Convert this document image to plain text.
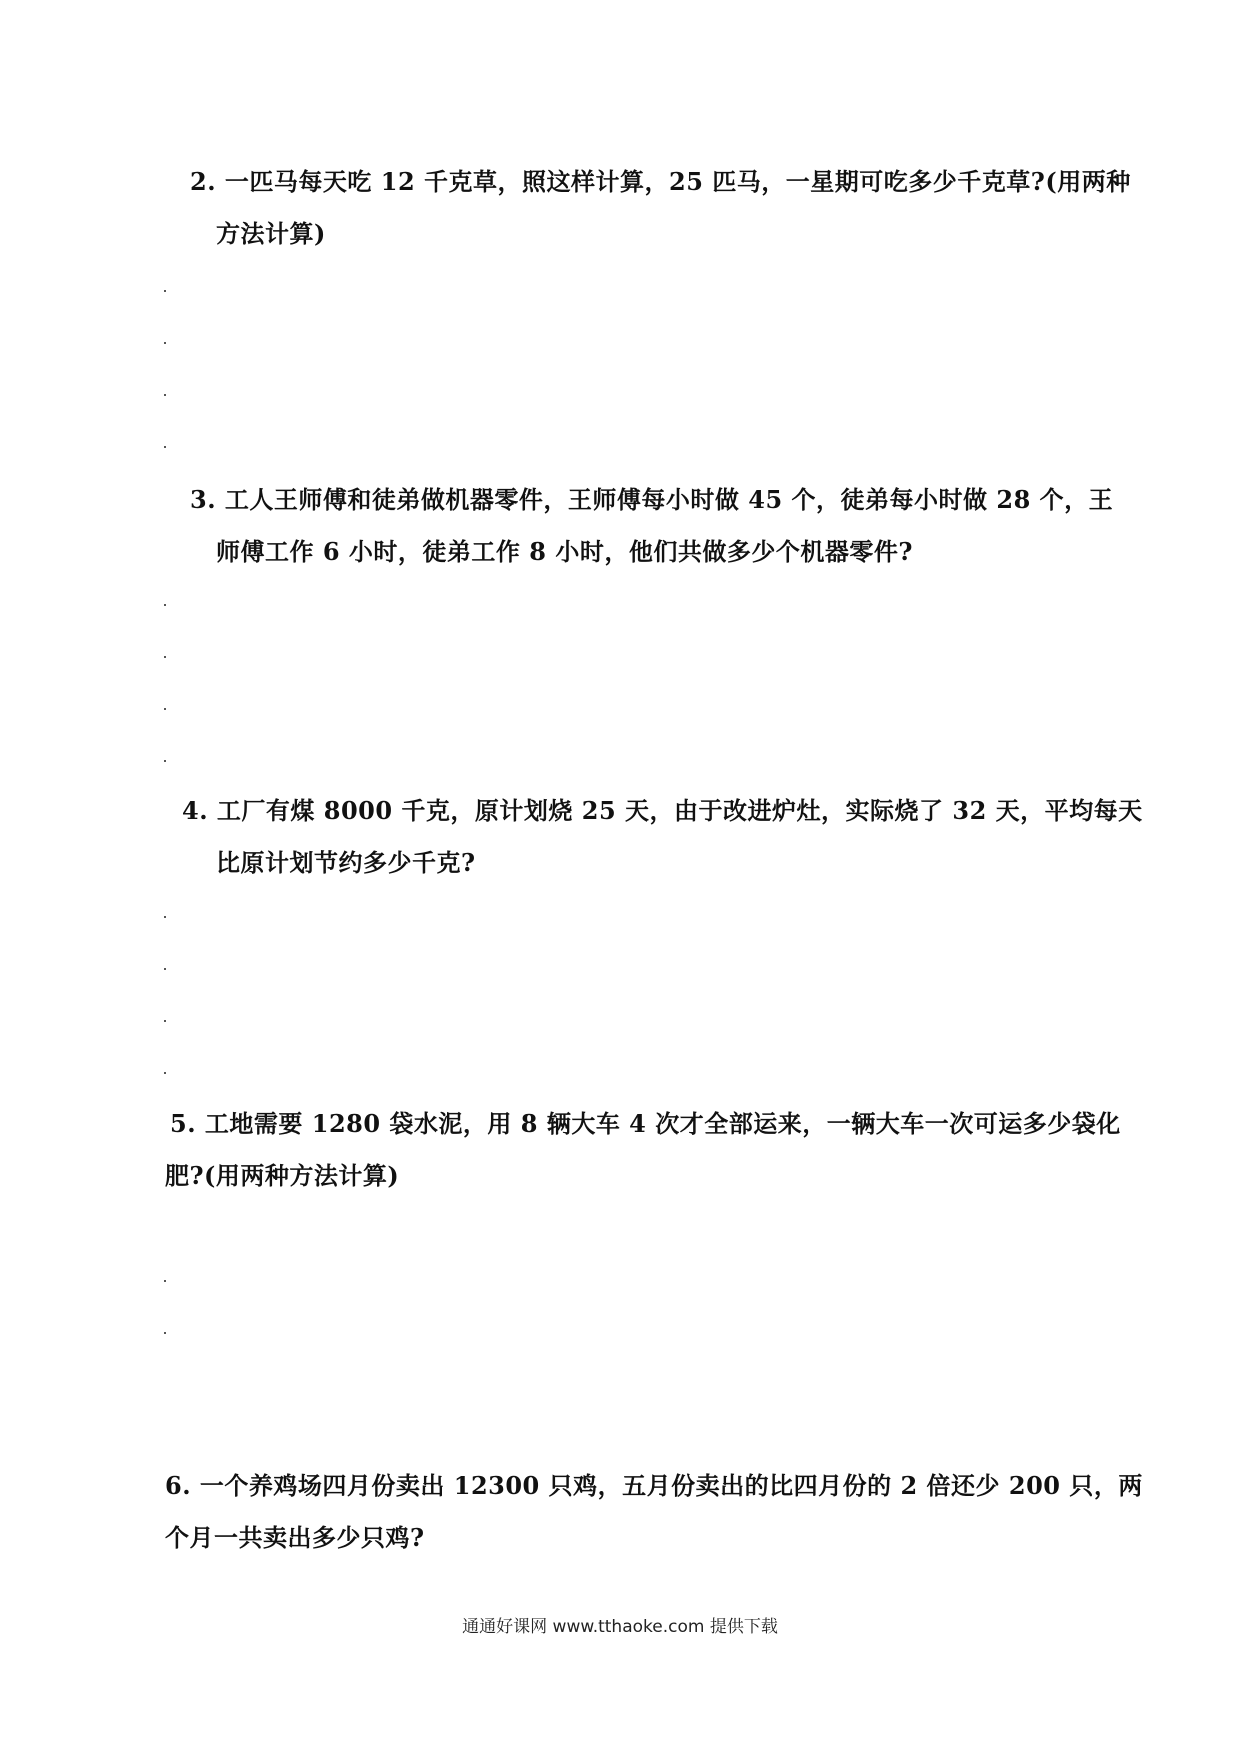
2. 一匹马每天吃 12 千克草，照这样计算，25 匹马，一星期可吃多少千克草?(用两种
方法计算)
3. 工人王师傅和徒弟做机器零件，王师傅每小时做 45 个，徒弟每小时做 28 个，王
师傅工作 6 小时，徒弟工作 8 小时，他们共做多少个机器零件?
4. 工厂有煤 8000 千克，原计划烧 25 天，由于改进炉灶，实际烧了 32 天，平均每天
比原计划节约多少千克?
5. 工地需要 1280 袋水泥，用 8 辆大车 4 次才全部运来，一辆大车一次可运多少袋化
肥?(用两种方法计算)
6. 一个养鸡场四月份卖出 12300 只鸡，五月份卖出的比四月份的 2 倍还少 200 只，两
个月一共卖出多少只鸡?
通通好课网 www.tthaoke.com 提供下载
